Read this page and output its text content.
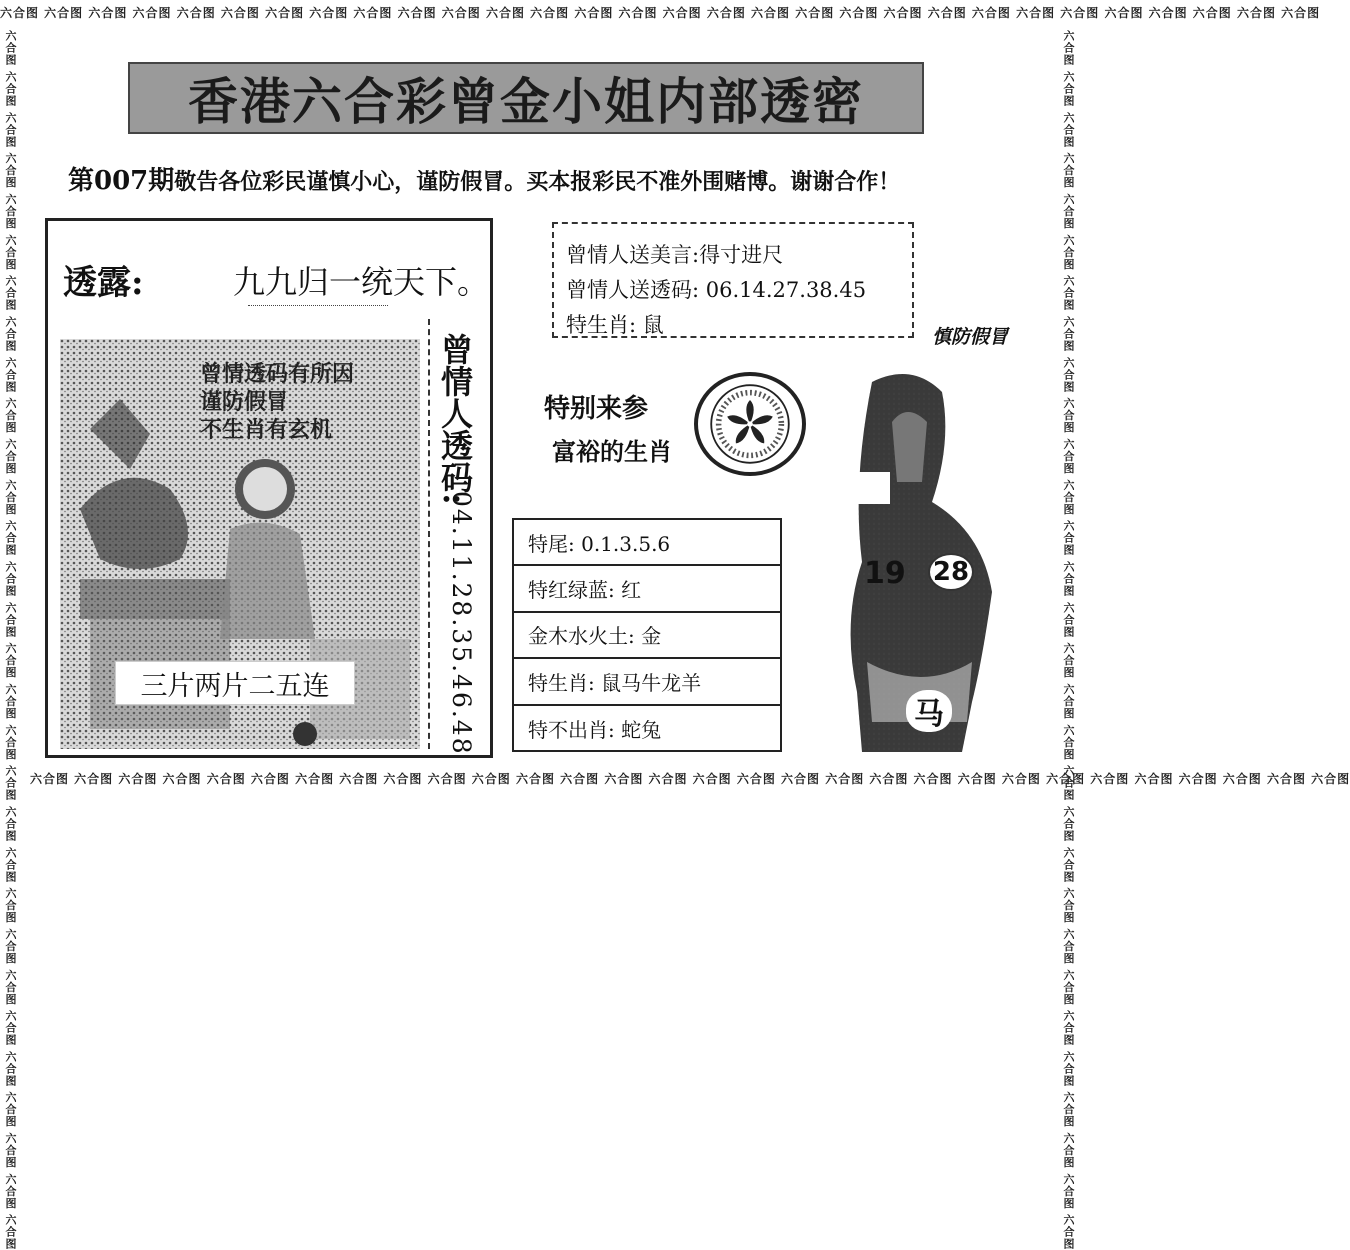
六合图 六合图 六合图 六合图 六合图 六合图 六合图 六合图 六合图 六合图 六合图 六合图 六合图 六合图 六合图 六合图 六合图 六合图 六合图 六合图 六合图 六合图 六合图 六合图 六合图 六合图 六合图 六合图 六合图 六合图
六合图 六合图 六合图 六合图 六合图 六合图 六合图 六合图 六合图 六合图 六合图 六合图 六合图 六合图 六合图 六合图 六合图 六合图 六合图 六合图 六合图 六合图 六合图 六合图 六合图 六合图 六合图 六合图 六合图 六合图
六合图 六合图 六合图 六合图 六合图 六合图 六合图 六合图 六合图 六合图 六合图 六合图 六合图 六合图 六合图 六合图 六合图 六合图 六合图 六合图 六合图 六合图 六合图 六合图 六合图 六合图 六合图 六合图 六合图 六合图	六合图 六合图 六合图 六合图 六合图 六合图 六合图 六合图 六合图 六合图 六合图 六合图 六合图 六合图 六合图 六合图 六合图 六合图 六合图 六合图 六合图 六合图 六合图 六合图 六合图 六合图 六合图 六合图 六合图 六合图
香港六合彩曾金小姐内部透密
第007期敬告各位彩民谨慎小心，谨防假冒。买本报彩民不准外围赌博。谢谢合作！
透露:	九九归一统天下。
曾情透码有所因
谨防假冒
不生肖有玄机
三片两片二五连
曾情人透码:
04.11.28.35.46.48
曾情人送美言:得寸进尺
曾情人送透码: 06.14.27.38.45
特生肖: 鼠
特别来参
富裕的生肖
慎防假冒
特尾: 0.1.3.5.6
特红绿蓝: 红
金木水火土: 金
特生肖: 鼠马牛龙羊
特不出肖: 蛇兔
19 28
马
